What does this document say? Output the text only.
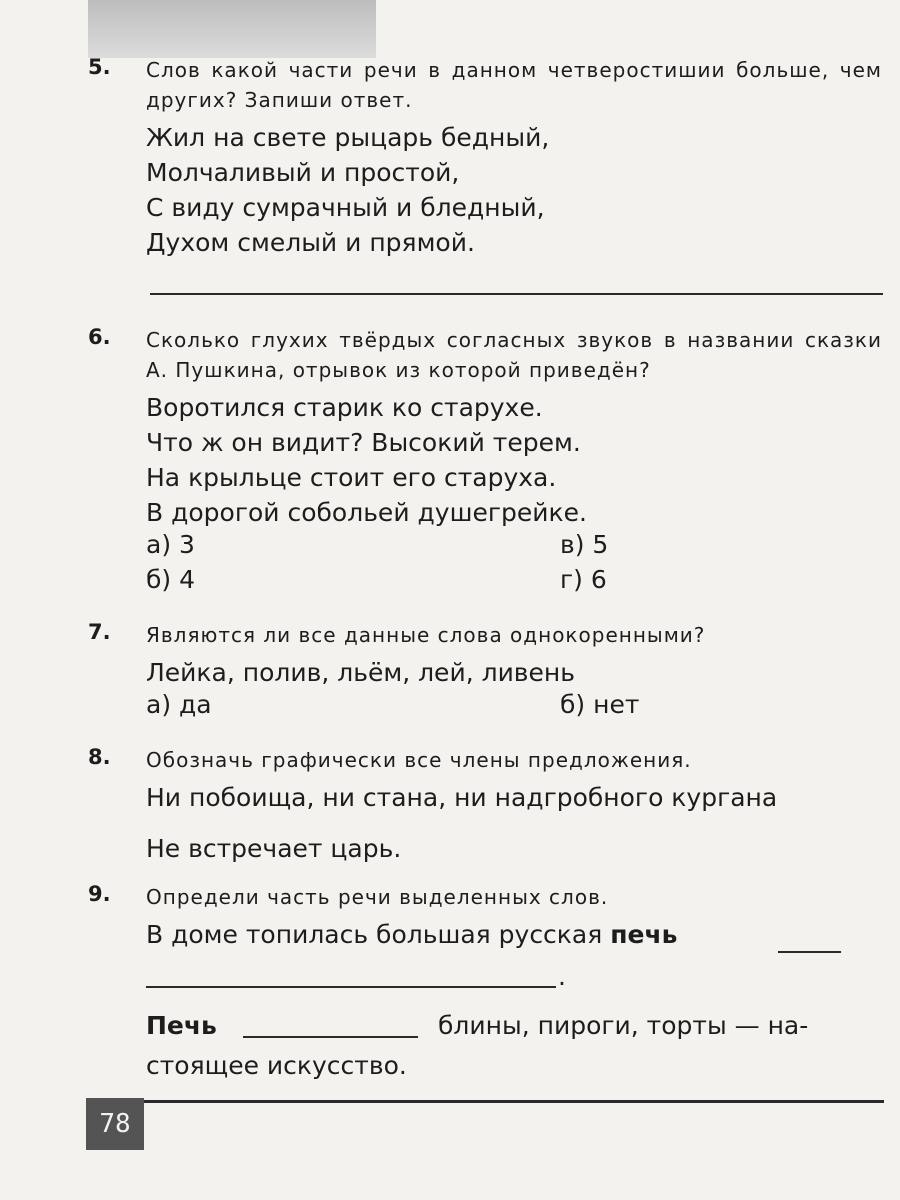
5. Слов какой части речи в данном четверостишии больше, чем других? Запиши ответ.
Жил на свете рыцарь бедный,
Молчаливый и простой,
С виду сумрачный и бледный,
Духом смелый и прямой.
6. Сколько глухих твёрдых согласных звуков в названии сказки А. Пушкина, отрывок из которой приведён?
Воротился старик ко старухе.
Что ж он видит? Высокий терем.
На крыльце стоит его старуха.
В дорогой собольей душегрейке.
а) 3	в) 5
б) 4	г) 6
7. Являются ли все данные слова однокоренными?
Лейка, полив, льём, лей, ливень
а) да	б) нет
8. Обозначь графически все члены предложения.
Ни побоища, ни стана, ни надгробного кургана
Не встречает царь.
9. Определи часть речи выделенных слов.
В доме топилась большая русская печь
.
Печь	блины, пироги, торты — на-
стоящее искусство.
78
